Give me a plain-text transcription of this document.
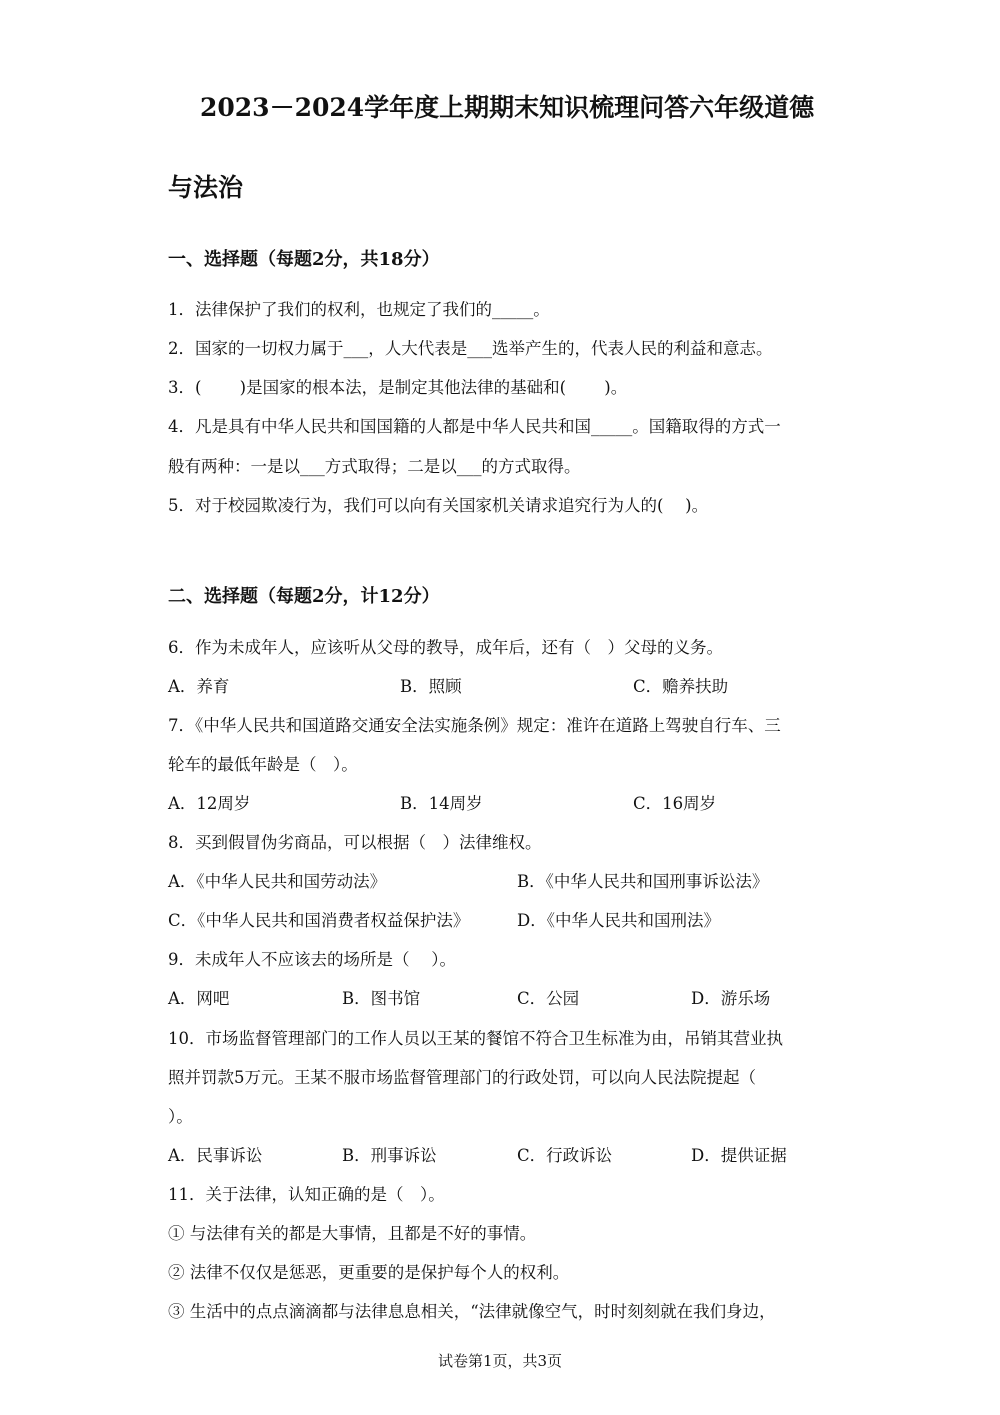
2023－2024学年度上期期末知识梳理问答六年级道德
与法治
一、选择题（每题2分，共18分）
1．法律保护了我们的权利，也规定了我们的_____。
2．国家的一切权力属于___，人大代表是___选举产生的，代表人民的利益和意志。
3．(　　 )是国家的根本法，是制定其他法律的基础和(　　 )。
4．凡是具有中华人民共和国国籍的人都是中华人民共和国_____。国籍取得的方式一
般有两种：一是以___方式取得；二是以___的方式取得。
5．对于校园欺凌行为，我们可以向有关国家机关请求追究行为人的(　 )。
二、选择题（每题2分，计12分）
6．作为未成年人，应该听从父母的教导，成年后，还有（　）父母的义务。
A．养育	B．照顾	C．赡养扶助
7．《中华人民共和国道路交通安全法实施条例》规定：准许在道路上驾驶自行车、三
轮车的最低年龄是（　）。
A．12周岁	B．14周岁	C．16周岁
8．买到假冒伪劣商品，可以根据（　）法律维权。
A．《中华人民共和国劳动法》	B．《中华人民共和国刑事诉讼法》
C．《中华人民共和国消费者权益保护法》	D．《中华人民共和国刑法》
9．未成年人不应该去的场所是（　 ）。
A．网吧	B．图书馆	C．公园	D．游乐场
10．市场监督管理部门的工作人员以王某的餐馆不符合卫生标准为由，吊销其营业执
照并罚款5万元。王某不服市场监督管理部门的行政处罚，可以向人民法院提起（
）。
A．民事诉讼	B．刑事诉讼	C．行政诉讼	D．提供证据
11．关于法律，认知正确的是（　）。
① 与法律有关的都是大事情，且都是不好的事情。
② 法律不仅仅是惩恶，更重要的是保护每个人的权利。
③ 生活中的点点滴滴都与法律息息相关，“法律就像空气，时时刻刻就在我们身边，
试卷第1页，共3页
